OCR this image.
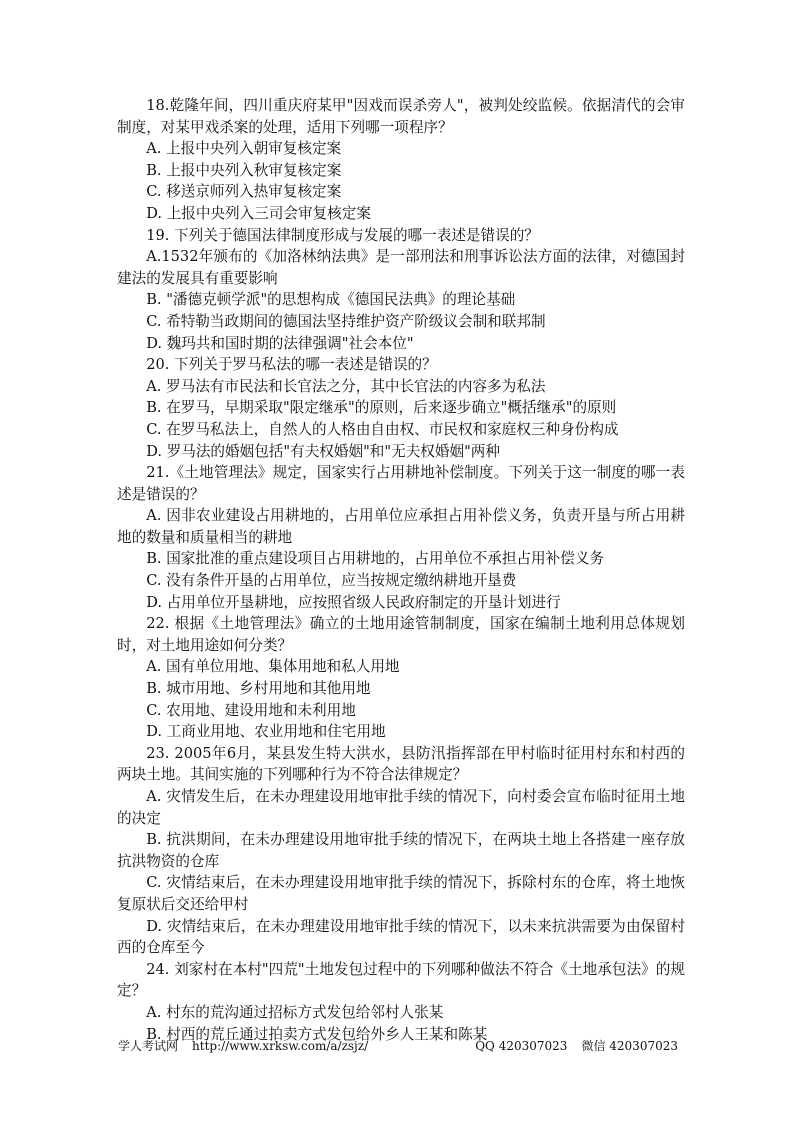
18.乾隆年间，四川重庆府某甲"因戏而误杀旁人"，被判处绞监候。依据清代的会审制度，对某甲戏杀案的处理，适用下列哪一项程序？

A. 上报中央列入朝审复核定案

B. 上报中央列入秋审复核定案

C. 移送京师列入热审复核定案

D. 上报中央列入三司会审复核定案

19. 下列关于德国法律制度形成与发展的哪一表述是错误的？

A.1532年颁布的《加洛林纳法典》是一部刑法和刑事诉讼法方面的法律，对德国封建法的发展具有重要影响

B. "潘德克顿学派"的思想构成《德国民法典》的理论基础

C. 希特勒当政期间的德国法坚持维护资产阶级议会制和联邦制

D. 魏玛共和国时期的法律强调"社会本位"

20. 下列关于罗马私法的哪一表述是错误的？

A. 罗马法有市民法和长官法之分，其中长官法的内容多为私法

B. 在罗马，早期采取"限定继承"的原则，后来逐步确立"概括继承"的原则

C. 在罗马私法上，自然人的人格由自由权、市民权和家庭权三种身份构成

D. 罗马法的婚姻包括"有夫权婚姻"和"无夫权婚姻"两种

21.《土地管理法》规定，国家实行占用耕地补偿制度。下列关于这一制度的哪一表述是错误的？

A. 因非农业建设占用耕地的，占用单位应承担占用补偿义务，负责开垦与所占用耕地的数量和质量相当的耕地

B. 国家批准的重点建设项目占用耕地的，占用单位不承担占用补偿义务

C. 没有条件开垦的占用单位，应当按规定缴纳耕地开垦费

D. 占用单位开垦耕地，应按照省级人民政府制定的开垦计划进行

22. 根据《土地管理法》确立的土地用途管制制度，国家在编制土地利用总体规划时，对土地用途如何分类？

A. 国有单位用地、集体用地和私人用地

B. 城市用地、乡村用地和其他用地

C. 农用地、建设用地和未利用地

D. 工商业用地、农业用地和住宅用地

23. 2005年6月，某县发生特大洪水，县防汛指挥部在甲村临时征用村东和村西的两块土地。其间实施的下列哪种行为不符合法律规定？

A. 灾情发生后，在未办理建设用地审批手续的情况下，向村委会宣布临时征用土地的决定

B. 抗洪期间，在未办理建设用地审批手续的情况下，在两块土地上各搭建一座存放抗洪物资的仓库

C. 灾情结束后，在未办理建设用地审批手续的情况下，拆除村东的仓库，将土地恢复原状后交还给甲村

D. 灾情结束后，在未办理建设用地审批手续的情况下，以未来抗洪需要为由保留村西的仓库至今

24. 刘家村在本村"四荒"土地发包过程中的下列哪种做法不符合《土地承包法》的规定？

A. 村东的荒沟通过招标方式发包给邻村人张某

B. 村西的荒丘通过拍卖方式发包给外乡人王某和陈某

学人考试网 http://www.xrksw.com/a/zsjz/	QQ 420307023 微信 420307023
